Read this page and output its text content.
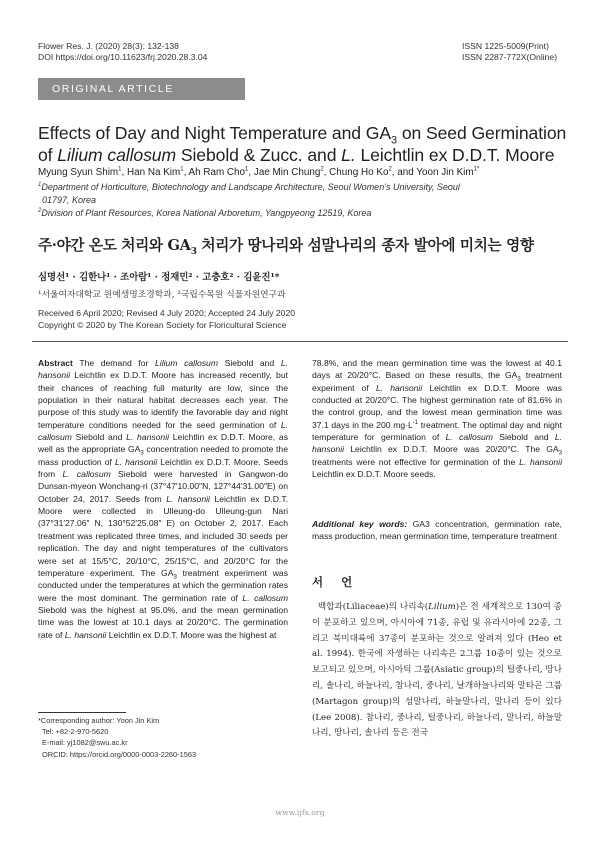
Flower Res. J. (2020) 28(3): 132-138
DOI https://doi.org/10.11623/frj.2020.28.3.04
ISSN 1225-5009(Print)
ISSN 2287-772X(Online)
ORIGINAL ARTICLE
Effects of Day and Night Temperature and $GA_3$ on Seed Germination
of Lilium callosum Siebold & Zucc. and L. Leichtlin ex D.D.T. Moore
Myung Syun Shim$^1$, Han Na Kim$^1$, Ah Ram Cho$^1$, Jae Min Chung$^2$, Chung Ho Ko$^2$, and Yoon Jin Kim$^{1*}$
$^1$Department of Horticulture, Biotechnology and Landscape Architecture, Seoul Women’s University, Seoul
01797, Korea
$^2$Division of Plant Resources, Korea National Arboretum, Yangpyeong 12519, Korea
주·야간 온도 처리와 $GA_3$ 처리가 땅나리와 섬말나리의 종자 발아에 미치는 영향
심명선¹ · 김한나¹ · 조아람¹ · 정재민² · 고충호² · 김윤진¹*
¹서울여자대학교 원예생명조경학과, ²국립수목원 식물자원연구과
Received 6 April 2020; Revised 4 July 2020; Accepted 24 July 2020
Copyright © 2020 by The Korean Society for Floricultural Science

Abstract The demand for Lilium callosum Siebold and L. hansonii Leichtlin ex D.D.T. Moore has increased recently, but their chances of reaching full maturity are low, since the population in their natural habitat decreases each year. The purpose of this study was to identify the favorable day and night temperature conditions needed for the seed germination of L. callosum Siebold and L. hansonii Leichtlin ex D.D.T. Moore, as well as the appropriate $GA_3$ concentration needed to promote the mass production of L. hansonii Leichtlin ex D.D.T. Moore. Seeds from L. callosum Siebold were harvested in Gangwon-do Dunsan-myeon Wonchang-ri (37°47′10.00″N, 127°44′31.00″E) on October 24, 2017. Seeds from L. hansonii Leichtlin ex D.D.T. Moore were collected in Ulleung-do Ulleung-gun Nari (37°31′27.06″ N, 130°52′25.08″ E) on October 2, 2017. Each treatment was replicated three times, and included 30 seeds per replication. The day and night temperatures of the cultivators were set at 15/5°C, 20/10°C, 25/15°C, and 20/20°C for the temperature experiment. The $GA_3$ treatment experiment was conducted under the temperatures at which the germination rates were the most dominant. The germination rate of L. callosum Siebold was the highest at 95.0%, and the mean germination time was the lowest at 10.1 days at 20/20°C. The germination rate of L. hansonii Leichtlin ex D.D.T. Moore was the highest at

78.8%, and the mean germination time was the lowest at 40.1 days at 20/20°C. Based on these results, the $GA_3$ treatment experiment of L. hansonii Leichtlin ex D.D.T. Moore was conducted at 20/20°C. The highest germination rate of 81.6% in the control group, and the lowest mean germination time was 37.1 days in the 200 $mg\cdot L^{-1}$ treatment. The optimal day and night temperature for germination of L. callosum Siebold and L. hansonii Leichtlin ex D.D.T. Moore was 20/20°C. The $GA_3$ treatments were not effective for germination of the L. hansonii Leichtlin ex D.D.T. Moore seeds.

Additional key words: GA3 concentration, germination rate, mass production, mean germination time, temperature treatment

서 언

백합과(Liliaceae)의 나리속(Lilium)은 전 세계적으로 130여 종이 분포하고 있으며, 아시아에 71종, 유럽 및 유라시아에 22종, 그리고 북미대륙에 37종이 분포하는 것으로 알려져 있다 (Heo et al. 1994). 한국에 자생하는 나리속은 2그룹 10종이 있는 것으로 보고되고 있으며, 아시아틱 그룹(Asiatic group)의 털중나리, 땅나리, 솔나리, 하늘나리, 참나리, 중나리, 날개하늘나리와 말타곤 그룹(Martagon group)의 섬말나리, 하늘말나리, 말나리 등이 있다(Lee 2008). 참나리, 중나리, 털중나리, 하늘나리, 말나리, 하늘말나리, 땅나리, 솔나리 등은 전국

*Corresponding author: Yoon Jin Kim
Tel: +82-2-970-5620
E-mail: yj1082@swu.ac.kr
ORCID: https://orcid.org/0000-0003-2260-1563
www.ijfs.org
